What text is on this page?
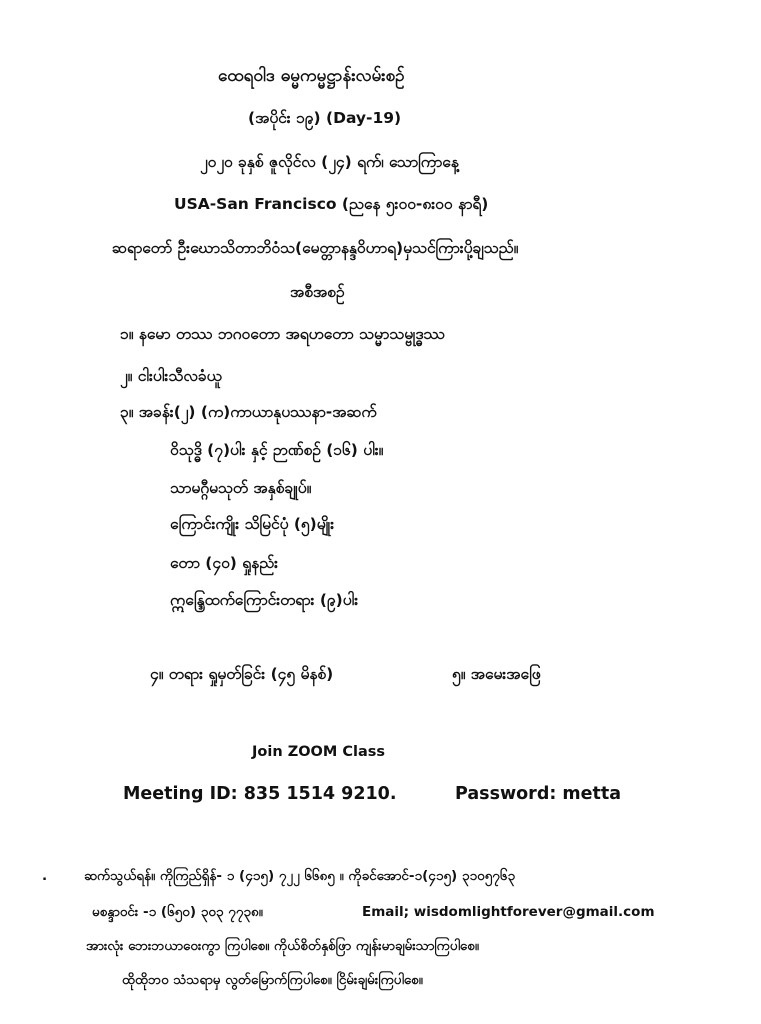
ထေရဝါဒ ဓမ္မကမ္မဋ္ဌာန်းလမ်းစဉ်
(အပိုင်း ၁၉) (Day-19)
၂၀၂၀ ခုနှစ် ဇူလိုင်လ (၂၄) ရက်၊ သောကြာနေ့
USA-San Francisco (ညနေ ၅း၀၀-၈း၀၀ နာရီ)
ဆရာတော် ဦးဃောသိတာဘိဝံသ(မေတ္တာနန္ဒဝိဟာရ)မှသင်ကြားပို့ချသည်။
အစီအစဉ်
၁။ နမော တဿ ဘဂဝတော အရဟတော သမ္မာသမ္ဗုဒ္ဓဿ
၂။ ငါးပါးသီလခံယူ
၃။ အခန်း(၂) (က)ကာယာနုပဿနာ-အဆက်
ဝိသုဒ္ဓိ (၇)ပါး နှင့် ဉာဏ်စဉ် (၁၆) ပါး။
သာမဂ္ဂီမသုတ် အနှစ်ချုပ်။
ကြောင်းကျိုး သိမြင်ပုံ (၅)မျိုး
တော (၄၀) ရှုနည်း
ဣန္ဒြေထက်ကြောင်းတရား (၉)ပါး
၄။ တရား ရှုမှတ်ခြင်း (၄၅ မိနစ်)	၅။ အမေးအဖြေ
Join ZOOM Class
Meeting ID: 835 1514 9210.	Password: metta
.	ဆက်သွယ်ရန်။ ကိုကြည်ရှိန်- ၁ (၄၁၅) ၇၂၂ ၆၆၈၅ ။ ကိုခင်အောင်-၁(၄၁၅) ၃၁၀၅၇၆၃
မစန္ဒာဝင်း -၁ (၆၅၀) ၃၀၃ ၇၇၃၈။	Email; wisdomlightforever@gmail.com
အားလုံး ဘေးဘယာဝေးကွာ ကြပါစေ။ ကိုယ်စိတ်နှစ်ဖြာ ကျန်းမာချမ်းသာကြပါစေ။
ထိုထိုဘဝ သံသရာမှ လွတ်မြောက်ကြပါစေ။ ငြိမ်းချမ်းကြပါစေ။
